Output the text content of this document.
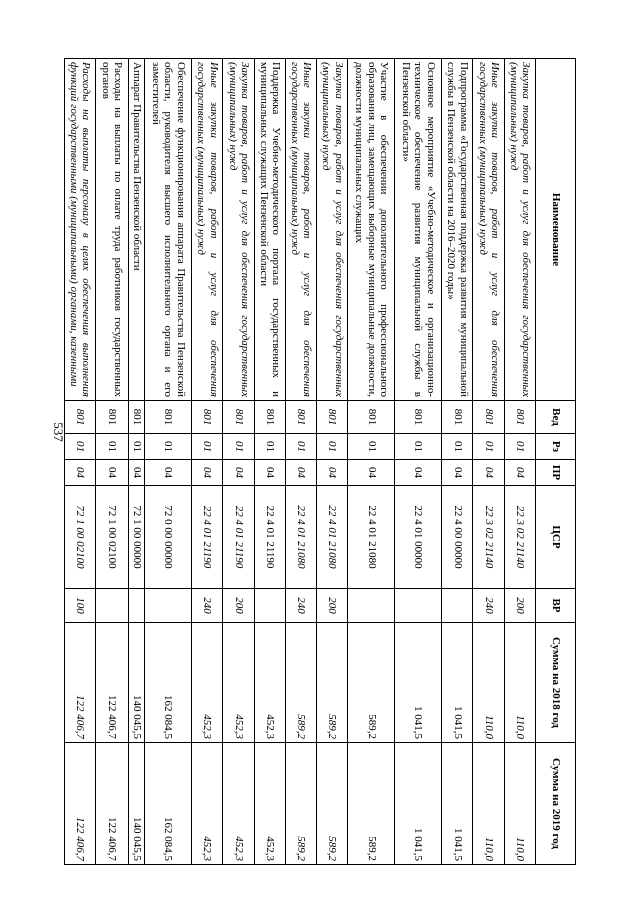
537
Наименование	Вед	Рз	ПР	ЦСР	ВР	Сумма на 2018 год	Сумма на 2019 год
Закупка товаров, работ и услуг для обеспечения государственных (муниципальных) нужд	801	01	04	22 3 02 21140	200	110,0	110,0
Иные закупки товаров, работ и услуг для обеспечения государственных (муниципальных) нужд	801	01	04	22 3 02 21140	240	110,0	110,0
Подпрограмма «Государственная поддержка развития муниципальной службы в Пензенской области на 2016–2020 годы»	801	01	04	22 4 00 00000		1 041,5	1 041,5
Основное мероприятие «Учебно-методическое и организационно-техническое обеспечение развития муниципальной службы в Пензенской области»	801	01	04	22 4 01 00000		1 041,5	1 041,5
Участие в обеспечении дополнительного профессионального образования лиц, замещающих выборные муниципальные должности, должности муниципальных служащих	801	01	04	22 4 01 21080		589,2	589,2
Закупка товаров, работ и услуг для обеспечения государственных (муниципальных) нужд	801	01	04	22 4 01 21080	200	589,2	589,2
Иные закупки товаров, работ и услуг для обеспечения государственных (муниципальных) нужд	801	01	04	22 4 01 21080	240	589,2	589,2
Поддержка Учебно-методического портала государственных и муниципальных служащих Пензенской области	801	01	04	22 4 01 21190		452,3	452,3
Закупка товаров, работ и услуг для обеспечения государственных (муниципальных) нужд	801	01	04	22 4 01 21190	200	452,3	452,3
Иные закупки товаров, работ и услуг для обеспечения государственных (муниципальных) нужд	801	01	04	22 4 01 21190	240	452,3	452,3
Обеспечение функционирования аппарата Правительства Пензенской области, руководителя высшего исполнительного органа и его заместителей	801	01	04	72 0 00 00000		162 084,5	162 084,5
Аппарат Правительства Пензенской области	801	01	04	72 1 00 00000		140 045,5	140 045,5
Расходы на выплаты по оплате труда работников государственных органов	801	01	04	72 1 00 02100		122 406,7	122 406,7
Расходы на выплаты персоналу в целях обеспечения выполнения функций государственными (муниципальными) органами, казенными	801	01	04	72 1 00 02100	100	122 406,7	122 406,7
